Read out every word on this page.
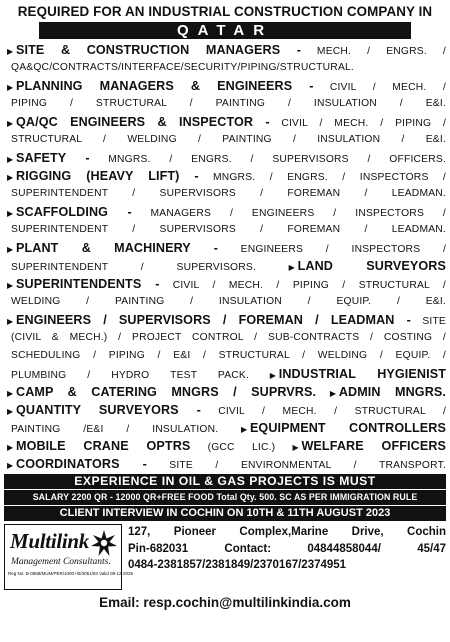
REQUIRED FOR AN INDUSTRIAL CONSTRUCTION COMPANY IN
QATAR
▶ SITE & CONSTRUCTION MANAGERS - MECH. / ENGRS. /
QA&QC/CONTRACTS/INTERFACE/SECURITY/PIPING/STRUCTURAL.
▶ PLANNING MANAGERS & ENGINEERS - CIVIL / MECH. /
PIPING / STRUCTURAL / PAINTING / INSULATION / E&I.
▶ QA/QC ENGINEERS & INSPECTOR - CIVIL / MECH. / PIPING /
STRUCTURAL / WELDING / PAINTING / INSULATION / E&I.
▶ SAFETY - MNGRS. / ENGRS. / SUPERVISORS / OFFICERS.
▶ RIGGING (HEAVY LIFT) - MNGRS. / ENGRS. / INSPECTORS /
SUPERINTENDENT / SUPERVISORS / FOREMAN / LEADMAN.
▶ SCAFFOLDING - MANAGERS / ENGINEERS / INSPECTORS /
SUPERINTENDENT / SUPERVISORS / FOREMAN / LEADMAN.
▶ PLANT & MACHINERY - ENGINEERS / INSPECTORS /
SUPERINTENDENT / SUPERVISORS.	▶ LAND SURVEYORS
▶ SUPERINTENDENTS - CIVIL / MECH. / PIPING / STRUCTURAL /
WELDING / PAINTING / INSULATION / EQUIP. / E&I.
▶ ENGINEERS / SUPERVISORS / FOREMAN / LEADMAN - SITE
(CIVIL & MECH.) / PROJECT CONTROL / SUB-CONTRACTS / COSTING /
SCHEDULING / PIPING / E&I / STRUCTURAL / WELDING / EQUIP. /
PLUMBING / HYDRO TEST PACK.	▶ INDUSTRIAL HYGIENIST
▶ CAMP & CATERING MNGRS / SUPRVRS. ▶ ADMIN MNGRS.
▶ QUANTITY SURVEYORS - CIVIL / MECH. / STRUCTURAL /
PAINTING /E&I / INSULATION.	▶ EQUIPMENT CONTROLLERS
▶ MOBILE CRANE OPTRS (GCC LIC.) ▶ WELFARE OFFICERS
▶ COORDINATORS - SITE / ENVIRONMENTAL / TRANSPORT.
EXPERIENCE IN OIL & GAS PROJECTS IS MUST
SALARY 2200 QR - 12000 QR+FREE FOOD Total Qty. 500. SC AS PER IMMIGRATION RULE
CLIENT INTERVIEW IN COCHIN ON 10TH & 11TH AUGUST 2023
Multilink
Management Consultants.
Reg No: B-0658/MUM/PER/1000+/5/3051/93 Valid 09-12-2025
127, Pioneer Complex,Marine Drive, Cochin
Pin-682031 Contact: 04844858044/ 45/47
0484-2381857/2381849/2370167/2374951
Email: resp.cochin@multilinkindia.com
